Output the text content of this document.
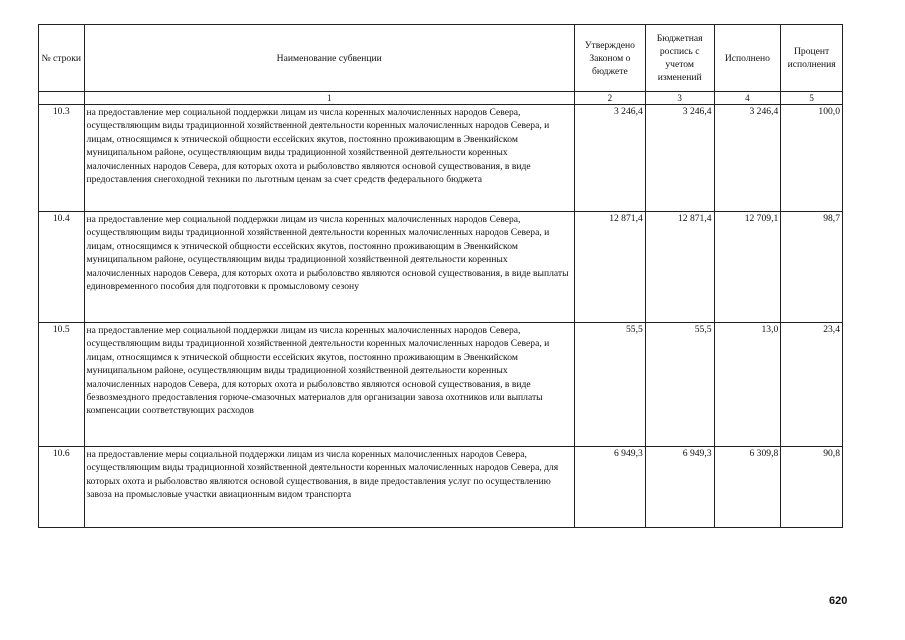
№ строки	Наименование субвенции	Утверждено Законом о бюджете	Бюджетная роспись с учетом изменений	Исполнено	Процент исполнения
	1	2	3	4	5
10.3	на предоставление мер социальной поддержки лицам из числа коренных малочисленных народов Севера, осуществляющим виды традиционной хозяйственной деятельности коренных малочисленных народов Севера, и лицам, относящимся к этнической общности ессейских якутов, постоянно проживающим в Эвенкийском муниципальном районе, осуществляющим виды традиционной хозяйственной деятельности коренных малочисленных народов Севера, для которых охота и рыболовство являются основой существования, в виде предоставления снегоходной техники по льготным ценам за счет средств федерального бюджета	3 246,4	3 246,4	3 246,4	100,0
10.4	на предоставление мер социальной поддержки лицам из числа коренных малочисленных народов Севера, осуществляющим виды традиционной хозяйственной деятельности коренных малочисленных народов Севера, и лицам, относящимся к этнической общности ессейских якутов, постоянно проживающим в Эвенкийском муниципальном районе, осуществляющим виды традиционной хозяйственной деятельности коренных малочисленных народов Севера, для которых охота и рыболовство являются основой существования, в виде выплаты единовременного пособия для подготовки к промысловому сезону	12 871,4	12 871,4	12 709,1	98,7
10.5	на предоставление мер социальной поддержки лицам из числа коренных малочисленных народов Севера, осуществляющим виды традиционной хозяйственной деятельности коренных малочисленных народов Севера, и лицам, относящимся к этнической общности ессейских якутов, постоянно проживающим в Эвенкийском муниципальном районе, осуществляющим виды традиционной хозяйственной деятельности коренных малочисленных народов Севера, для которых охота и рыболовство являются основой существования, в виде безвозмездного предоставления горюче-смазочных материалов для организации завоза охотников или выплаты компенсации соответствующих расходов	55,5	55,5	13,0	23,4
10.6	на предоставление меры социальной поддержки лицам из числа коренных малочисленных народов Севера, осуществляющим виды традиционной хозяйственной деятельности коренных малочисленных народов Севера, для которых охота и рыболовство являются основой существования, в виде предоставления услуг по осуществлению завоза на промысловые участки авиационным видом транспорта	6 949,3	6 949,3	6 309,8	90,8
620
